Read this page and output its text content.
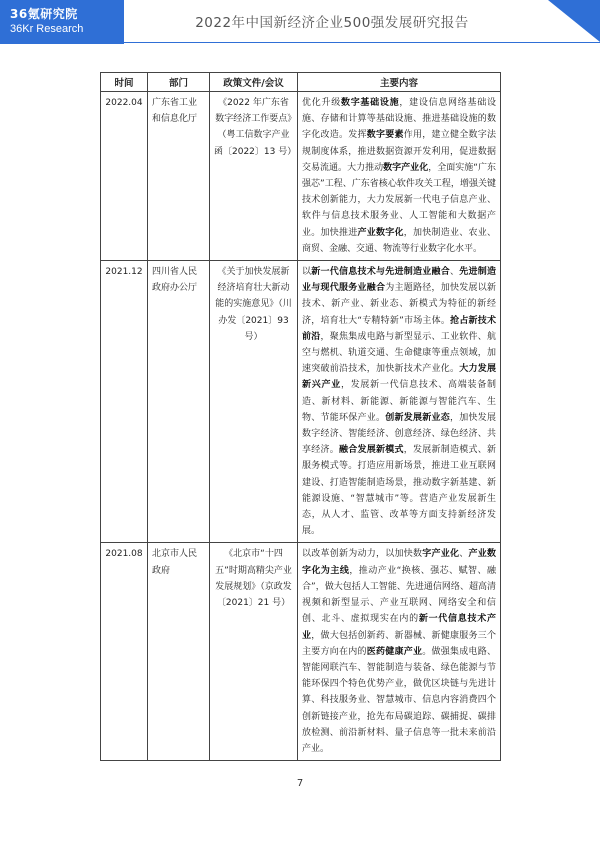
36氪研究院
36Kr Research	2022年中国新经济企业500强发展研究报告
时间	部门	政策文件/会议	主要内容
2022.04	广东省工业和信息化厅	《2022 年广东省数字经济工作要点》（粤工信数字产业函〔2022〕13 号）	优化升级数字基础设施，建设信息网络基础设施、存储和计算等基础设施、推进基础设施的数字化改造。发挥数字要素作用，建立健全数字法规制度体系，推进数据资源开发利用，促进数据交易流通。大力推动数字产业化，全面实施“广东强芯”工程、广东省核心软件攻关工程，增强关键技术创新能力，大力发展新一代电子信息产业、软件与信息技术服务业、人工智能和大数据产业。加快推进产业数字化，加快制造业、农业、商贸、金融、交通、物流等行业数字化水平。
2021.12	四川省人民政府办公厅	《关于加快发展新经济培育壮大新动能的实施意见》（川办发〔2021〕93 号）	以新一代信息技术与先进制造业融合、先进制造业与现代服务业融合为主题路径，加快发展以新技术、新产业、新业态、新模式为特征的新经济，培育壮大“专精特新”市场主体。抢占新技术前沿，聚焦集成电路与新型显示、工业软件、航空与燃机、轨道交通、生命健康等重点领域，加速突破前沿技术，加快新技术产业化。大力发展新兴产业，发展新一代信息技术、高端装备制造、新材料、新能源、新能源与智能汽车、生物、节能环保产业。创新发展新业态，加快发展数字经济、智能经济、创意经济、绿色经济、共享经济。融合发展新模式，发展新制造模式、新服务模式等。打造应用新场景，推进工业互联网建设、打造智能制造场景，推动数字新基建、新能源设施、“智慧城市”等。营造产业发展新生态，从人才、监管、改革等方面支持新经济发展。
2021.08	北京市人民政府	《北京市“十四五”时期高精尖产业发展规划》（京政发〔2021〕21 号）	以改革创新为动力，以加快数字产业化、产业数字化为主线，推动产业“换核、强芯、赋智、融合”，做大包括人工智能、先进通信网络、超高清视频和新型显示、产业互联网、网络安全和信创、北斗、虚拟现实在内的新一代信息技术产业，做大包括创新药、新器械、新健康服务三个主要方向在内的医药健康产业。做强集成电路、智能网联汽车、智能制造与装备、绿色能源与节能环保四个特色优势产业，做优区块链与先进计算、科技服务业、智慧城市、信息内容消费四个创新链接产业，抢先布局碳追踪、碳捕捉、碳排放检测、前沿新材料、量子信息等一批未来前沿产业。
7
